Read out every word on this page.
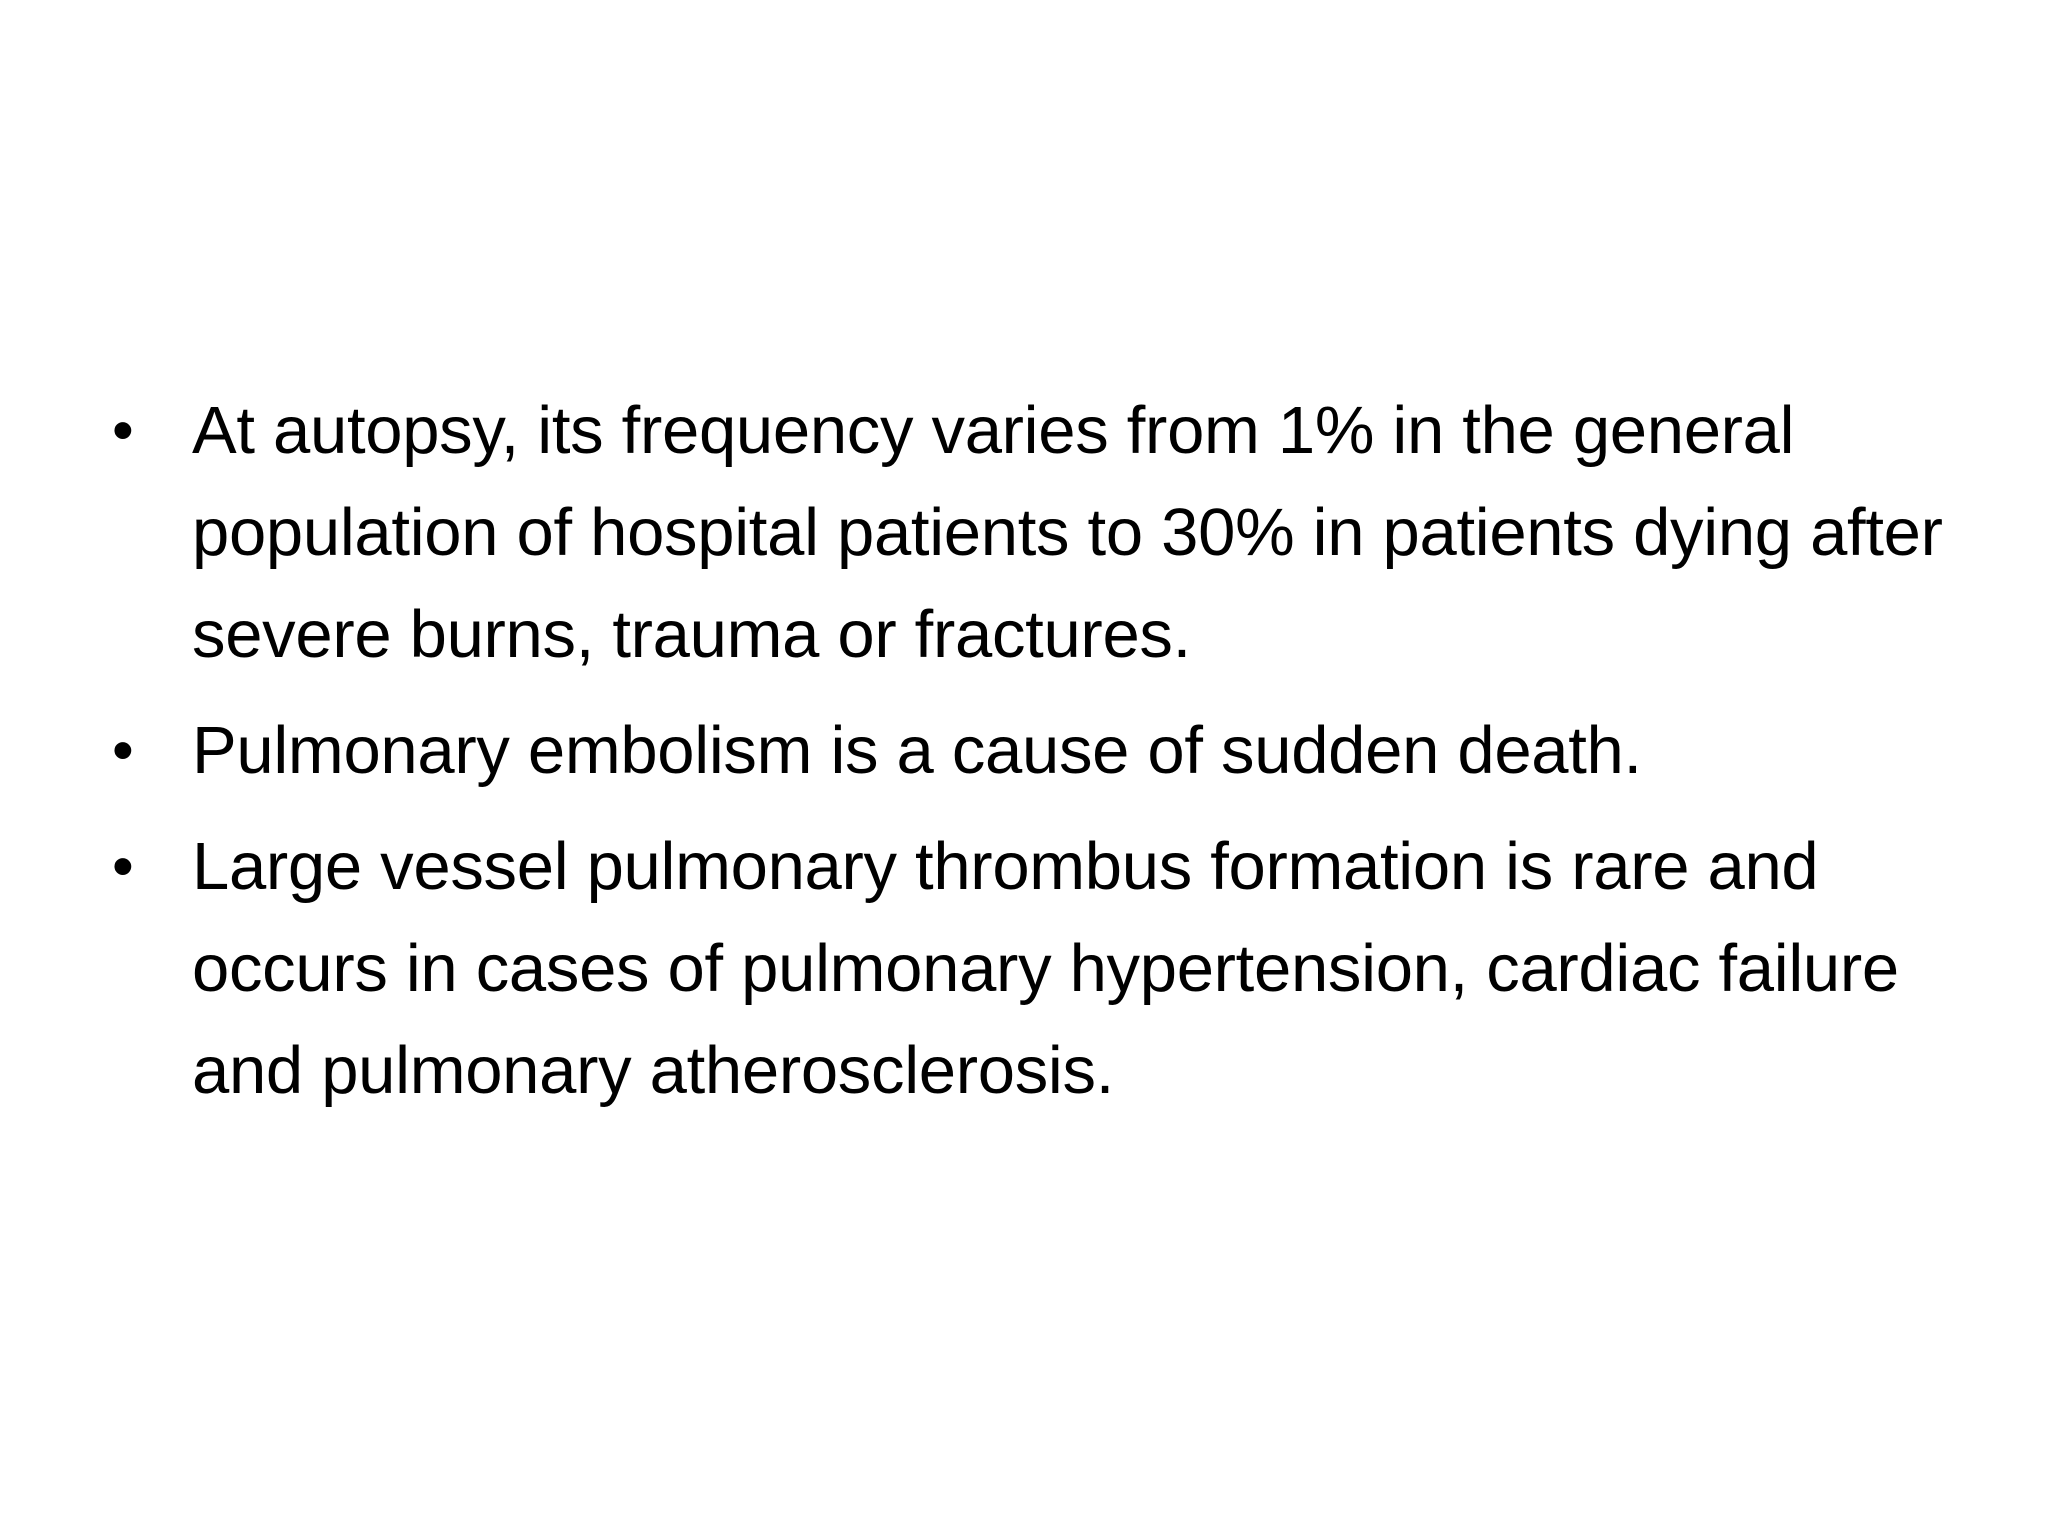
• At autopsy, its frequency varies from 1% in the general population of hospital patients to 30% in patients dying after severe burns, trauma or fractures.
• Pulmonary embolism is a cause of sudden death.
• Large vessel pulmonary thrombus formation is rare and occurs in cases of pulmonary hypertension, cardiac failure and pulmonary atherosclerosis.
